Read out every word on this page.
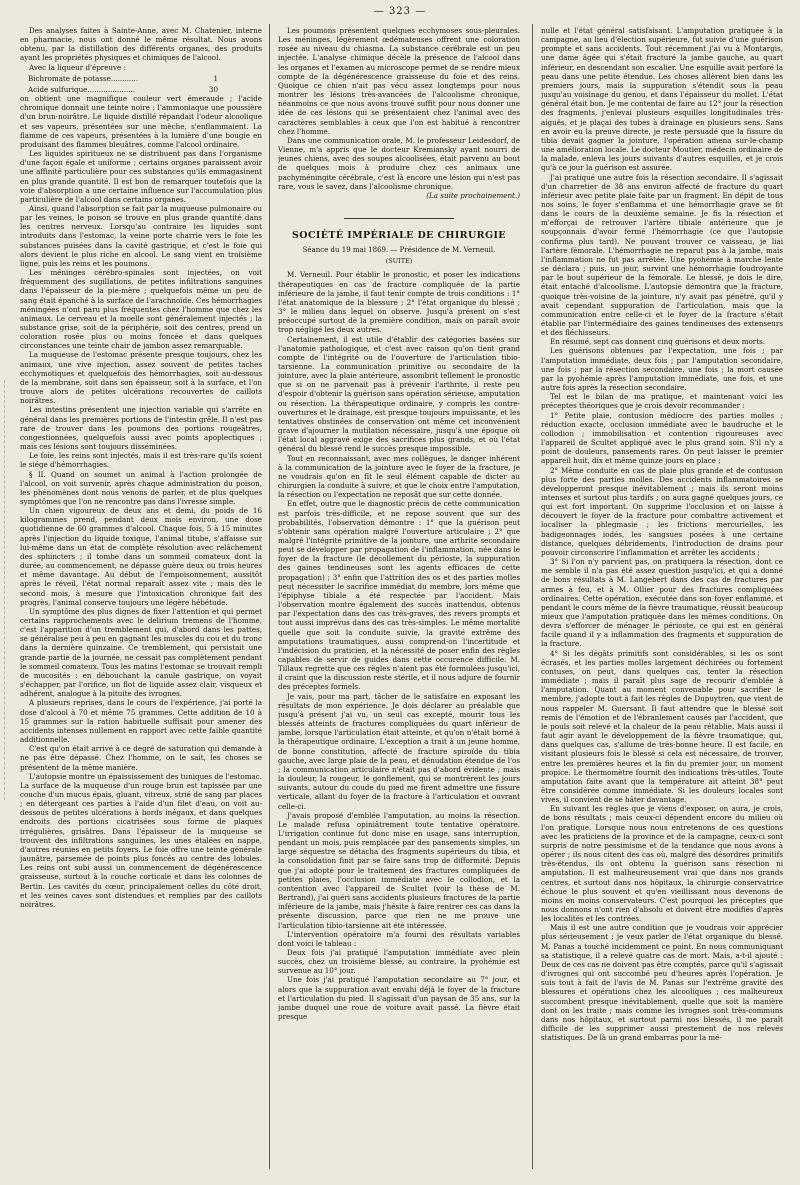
— 323 —

Des analyses faites à Sainte-Anne, avec M. Chatenier, interne en pharmacie, nous ont donné le même résultat. Nous avons obtenu, par la distillation des différents organes, des produits ayant les propriétés physiques et chimiques de l'alcool.

Avec la liqueur d'épreuve :

Bichromate de potasse............	1
Acide sulfurique.....................	30

on obtient une magnifique couleur vert émeraude ; l'acide chromique donnait une teinte noire ; l'ammoniaque une poussière d'un brun-noirâtre. Le liquide distillé répandait l'odeur alcoolique et ses vapeurs, présentées sur une mèche, s'enflammaient. La flamme de ces vapeurs, présentées à la lumière d'une bougie en produisant des flammes bleuâtres, comme l'alcool ordinaire.

Les liquides spiritueux ne se distribuent pas dans l'organisme d'une façon égale et uniforme ; certains organes paraissent avoir une affinité particulière pour ces substances qu'ils emmagasinent en plus grande quantité. Il est bon de remarquer toutefois que la voie d'absorption a une certaine influence sur l'accumulation plus particulière de l'alcool dans certains organes.

Ainsi, quand l'absorption se fait par la muqueuse pulmonaire ou par les veines, le poison se trouve en plus grande quantité dans les centres nerveux. Lorsqu'au contraire les liquides sont introduits dans l'estomac, la veine porte charrie vers le foie les substances puisées dans la cavité gastrique, et c'est le foie qui alors devient le plus riche en alcool. Le sang vient en troisième ligne, puis les reins et les poumons.

Les méninges cérébro-spinales sont injectées, on voit fréquemment des sugillations, de petites infiltrations sanguines dans l'épaisseur de la pie-mère ; quelquefois même un peu de sang était épanché à la surface de l'arachnoïde. Ces hémorrhagies méningées n'ont paru plus fréquentes chez l'homme que chez les animaux. Le cerveau et la moelle sont généralement injectés ; la substance grise, soit de la périphérie, soit des centres, prend un coloration rosée plus ou moins foncée et dans quelques circonstances une teinte chair de jambon assez remarquable.

La muqueuse de l'estomac présente presque toujours, chez les animaux, une vive injection, assez souvent de petites taches ecchymotiques et quelquefois des hémorrhagies, soit au-dessous de la membrane, soit dans son épaisseur, soit à la surface, et l'on trouve alors de petites ulcérations recouvertes de caillots noirâtres.

Les intestins présentent une injection variable qui s'arrête en général dans les premières portions de l'intestin grêle. Il n'est pas rare de trouver dans les poumons des portions rougeâtres, congestionnées, quelquefois aussi avec points apoplectiques ; mais ces lésions sont toujours disséminées.

Le foie, les reins sont injectés, mais il est très-rare qu'ils soient le siége d'hémorrhagies.

§ II. Quand on soumet un animal à l'action prolongée de l'alcool, on voit survenir, après chaque administration du poison, les phénomènes dont nous venons de parler, et de plus quelques symptômes que l'on ne rencontre pas dans l'ivresse simple.

Un chien vigoureux de deux ans et demi, du poids de 16 kilogrammes prend, pendant deux mois environ, une dose quotidienne de 60 grammes d'alcool. Chaque fois, 5 à 15 minutes après l'injection du liquide toxique, l'animal titube, s'affaisse sur lui-même dans un état de complète résolution avec relâchement des sphincters ; il tombe dans un sommeil comateux dont la durée, au commencement, ne dépasse guère deux ou trois heures et même davantage. Au début de l'empoisonnement, aussitôt après le réveil, l'état normal reparaît assez vite ; mais dès le second mois, à mesure que l'intoxication chronique fait des progrès, l'animal conserve toujours une légère hébétude.

Un symptôme des plus dignes de fixer l'attention et qui permet certains rapprochements avec le delirium tremens de l'homme, c'est l'apparition d'un tremblement qui, d'abord dans les pattes, se généralise peu à peu en gagnant les muscles du cou et du tronc dans la dernière quinzaine. Ce tremblement, qui persistait une grande partie de la journée, ne cessait pas complètement pendant le sommeil comateux. Tous les matins l'estomac se trouvait rempli de mucosités : en débouchant la canule gastrique, on voyait s'échapper, par l'orifice, un flot de liquide assez clair, visqueux et adhérent, analogue à la pituite des ivrognes.

A plusieurs reprises, dans le cours de l'expérience, j'ai porté la dose d'alcool à 70 et même 75 grammes. Cette addition de 10 à 15 grammes sur la ration habituelle suffisait pour amener des accidents intenses nullement en rapport avec cette faible quantité additionnelle.

C'est qu'on était arrivé à ce degré de saturation qui demande à ne pas être dépassé. Chez l'homme, on le sait, les choses se présentent de la même manière.

L'autopsie montre un épaississement des tuniques de l'estomac. La surface de la muqueuse d'un rouge brun est tapissée par une couche d'un mucus épais, gluant, vitreux, strié de sang par places ; en détergeant ces parties à l'aide d'un filet d'eau, on voit au-dessous de petites ulcérations à bords inégaux, et dans quelques endroits des portions cicatrisées sous forme de plaques irrégulières, grisâtres. Dans l'épaisseur de la muqueuse se trouvent des infiltrations sanguines, les unes étalées en nappe, d'autres réunies en petits foyers. Le foie offre une teinte générale jaunâtre, parsemée de points plus foncés au centre des lobules. Les reins ont subi aussi un commencement de dégénérescence graisseuse, surtout à la couche corticale et dans les colonnes de Bertin. Les cavités du cœur, principalement celles du côté droit, et les veines caves sont distendues et remplies par des caillots noirâtres.

Les poumons présentent quelques ecchymoses sous-pleurales. Les méninges, légèrement œdémateuses offrent une coloration rosée au niveau du chiasma. La substance cérébrale est un peu injectée. L'analyse chimique décèle la présence de l'alcool dans les organes et l'examen au microscope permet de se rendre mieux compte de la dégénérescence graisseuse du foie et des reins. Quoique ce chien n'ait pas vécu assez longtemps pour nous montrer les lésions très-avancées de l'alcoolisme chronique, néanmoins ce que nous avons trouvé suffit pour nous donner une idée de ces lésions qui se présentaient chez l'animal avec des caractères semblables à ceux que l'on est habitué à rencontrer chez l'homme.

Dans une communication orale, M. le professeur Leidesdorf, de Vienne, m'a appris que le docteur Kremiansky ayant nourri de jeunes chiens, avec des soupes alcoolisées, était parvenu au bout de quelques mois à produire chez ces animaux une pachyméningite cérébrale, c'est là encore une lésion qui n'est pas rare, vous le savez, dans l'alcoolisme chronique.

(La suite prochainement.)

SOCIÉTÉ IMPÉRIALE DE CHIRURGIE
Séance du 19 mai 1869. — Présidence de M. Verneuil.
(SUITE)

M. Verneuil. Pour établir le pronostic, et poser les indications thérapeutiques en cas de fracture compliquée de la partie inférieure de la jambe, il faut tenir compte de trois conditions : 1° l'état anatomique de la blessure ; 2° l'état organique du blessé ; 3° le milieu dans lequel on observe. Jusqu'à présent on s'est préoccupé surtout de la première condition, mais on paraît avoir trop négligé les deux autres.

Certainement, il est utile d'établir des catégories basées sur l'anatomie pathologique, et c'est avec raison qu'on tient grand compte de l'intégrité ou de l'ouverture de l'articulation tibio-tarsienne. La communication primitive ou secondaire de la jointure, avec la plaie antérieure, assombrit tellement le pronostic que si on ne parvenait pas à prévenir l'arthrite, il reste peu d'espoir d'obtenir la guérison sans opération sérieuse, amputation ou résection. La thérapeutique ordinaire, y compris les contre-ouvertures et le drainage, est presque toujours impuissante, et les tentatives obstinées de conservation ont même cet inconvénient grave d'ajourner la mutilation nécessaire, jusqu'à une époque où l'état local aggravé exige des sacrifices plus grands, et où l'état général du blessé rend le succès presque impossible.

Tout en reconnaissant, avec mes collègues, le danger inhérent à la communication de la jointure avec le foyer de la fracture, je ne voudrais qu'on en fît le seul élément capable de dicter au chirurgien la conduite à suivre, et que le choix entre l'amputation, la résection ou l'expectation ne reposât que sur cette donnée.

En effet, outre que le diagnostic précis de cette communication est parfois très-difficile, et ne repose souvent que sur des probabilités, l'observation démontre : 1° que la guérison peut s'obtenir sans opération malgré l'ouverture articulaire ; 2° que malgré l'intégrité primitive de la jointure, une arthrite secondaire peut se développer par propagation de l'inflammation, née dans le foyer de la fracture (le décollement du périoste, la suppuration des gaines tendineuses sont les agents efficaces de cette propagation) ; 3° enfin que l'attrition des os et des parties molles peut nécessiter le sacrifice immédiat du membre, lors même que l'épiphyse tibiale a été respectée par l'accident. Mais l'observation montre également des succès inattendus, obtenus par l'expectation dans des cas très-graves, des revers prompts et tout aussi imprévus dans des cas très-simples. Le même mortalité quelle que soit la conduite suivie, la gravité extrême des amputations traumatiques, aussi comprend-on l'incertitude et l'indécision du praticien, et la nécessité de poser enfin des règles capables de servir de guides dans cette occurence difficile. M. Tillaux regrette que ces règles n'aient pas été formulées jusqu'ici, il craint que la discussion reste stérile, et il nous adjure de fournir des préceptes formels.

Je vais, pour ma part, tâcher de le satisfaire en exposant les résultats de mon expérience. Je dois déclarer au préalable que jusqu'à présent j'ai vu, un seul cas excepté, mourir tous les blessés atteints de fractures compliquées du quart inférieur de jambe, lorsque l'articulation était atteinte, et qu'on n'était borné à la thérapeutique ordinaire. L'exception a trait à un jeune homme, de bonne constitution, affecté de fracture spiroïde du tibia gauche, avec large plaie de la peau, et dénudation étendue de l'os ; la communication articulaire n'était pas d'abord évidente ; mais la douleur, la rougeur, le gonflement, qui se montrèrent les jours suivants, autour du coude du pied me firent admettre une fissure verticale, allant du foyer de la fracture à l'articulation et ouvrant celle-ci.

J'avais proposé d'emblée l'amputation, au moins la résection. Le malade refusa opiniâtrement toute tentative opératoire. L'irrigation continue fut donc mise en usage, sans interruption, pendant un mois, puis remplacée par des pansements simples, un large séquestre se détacha des fragments supérieurs du tibia, et la consolidation finit par se faire sans trop de difformité. Depuis que j'ai adopté pour le traitement des fractures compliquées de petites plaies, l'occlusion immédiate avec le collodion, et la contention avec l'appareil de Scultet (voir la thèse de M. Bertrand), j'ai guéri sans accidents plusieurs fractures de la partie inférieure de la jambe, mais j'hésite à faire rentrer ces cas dans la présente discussion, parce que rien ne me prouve une l'articulation tibio-tarsienne ait été intéressée.

L'intervention opératoire m'a fourni des résultats variables dont voici le tableau :

Deux fois j'ai pratiqué l'amputation immédiate avec plein succès, chez un troisième blessé, au contraire, la pyohémie est survenue au 10° jour.

Une fois j'ai pratiqué l'amputation secondaire au 7° jour, et alors que la suppuration avait envahi déjà le foyer de la fracture et l'articulation du pied. Il s'agissait d'un paysan de 35 ans, sur la jambe duquel une roue de voiture avait passé. La fièvre était presque

nulle et l'état général satisfaisant. L'amputation pratiquée à la campagne, au lieu d'élection supérieure, fut suivie d'une guérison prompte et sans accidents. Tout récemment j'ai vu à Montargis, une dame âgée qui s'était fracturé la jambe gauche, au quart inférieur, en descendant son escalier. Une esquille avait perforé la peau dans une petite étendue. Les choses allèrent bien dans les premiers jours, mais la suppuration s'étendit sous la peau jusqu'au voisinage du genou, et dans l'épaisseur du mollet. L'état général était bon. Je me contentai de faire au 12° jour la résection des fragments, j'enlevai plusieurs esquilles longitudinales très-aiguës, et je plaçai des tubes à drainage en plusieurs sens. Sans en avoir eu la preuve directe, je reste persuadé que la fissure du tibia devait gagner la jointure, l'opération amena sur-le-champ une amélioration locale. Le docteur Moutier, médecin ordinaire de la malade, enleva les jours suivants d'autres esquilles, et je crois qu'à ce jour la guérison est assurée.

J'ai pratiqué une autre fois la résection secondaire. Il s'agissait d'un charretier de 38 ans environ affecté de fracture du quart inférieur avec petite plaie faite par un fragment. En dépit de tous nos soins, le foyer s'enflamma et une hémorrhagie grave se fit dans le cours de la deuxième semaine. Je fis la résection et m'efforçai de retrouver l'artère tibiale antérieure que je soupçonnais d'avoir fermé l'hémorrhagie (ce que l'autopsie confirma plus tard). Ne pouvant trouver ce vaisseau, je liai l'artère fémorale. L'hémorrhagie ne reparut pas à la jambe, mais l'inflammation ne fut pas arrêtée. Une pyohémie à marche lente se déclara ; puis, un jour, survint une hémorrhagie foudroyante par le bout supérieur de la fémorale. Le blessé, je dois le dire, était entaché d'alcoolisme. L'autopsie démontra que la fracture, quoique très-voisine de la jointure, n'y avait pas pénétré, qu'il y avait cependant suppuration de l'articulation, mais que la communication entre celle-ci et le foyer de la fracture s'était établie par l'intermédiaire des gaines tendineuses des extenseurs et des fléchisseurs.

En résumé, sept cas donnent cinq guérisons et deux morts.

Les guérisons obtenues par l'expectation, une fois ; par l'amputation immédiate, deux fois ; par l'amputation secondaire, une fois ; par la résection secondaire, une fois ; la mort causée par la pyohémie après l'amputation immédiate, une fois, et une autre fois après la résection secondaire.

Tel est le bilan de ma pratique, et maintenant voici les préceptes théoriques que je crois devoir recommander :

1° Petite plaie, contusion médiocre des parties molles ; réduction exacte, occlusion immédiate avec le baudruche et le collodion ; immobilisation et contention rigoureuses avec l'appareil de Scultet appliqué avec le plus grand soin. S'il n'y a point de douleurs, pansements rares. On peut laisser le premier appareil huit, dix et même quinze jours en place ;

2° Même conduite en cas de plaie plus grande et de contusion plus forte des parties molles. Des accidents inflammatoires se développeront presque inévitablement ; mais ils seront moins intenses et surtout plus tardifs ; on aura gagné quelques jours, ce qui est fort important. On supprime l'occlusion et on laisse à découvert le foyer de la fracture pour combattre activement et localiser la phlegmasie ; les frictions mercurielles, les badigeonnages iodés, les sangsues posées à une certaine distance, quelques débridements, l'introduction de drains pour pouvoir circonscrire l'inflammation et arrêter les accidents ;

3° Si l'on n'y parvient pas, on pratiquera la résection, dont ce me semble il n'a pas été assez question jusqu'ici, et qui a donné de bons résultats à M. Langebert dans des cas de fractures par armes à feu, et à M. Ollier pour des fractures compliquées ordinaires. Cette opération, exécutée dans son foyer enflammé, et pendant le cours même de la fièvre traumatique, réussit beaucoup mieux que l'amputation pratiquée dans les mêmes conditions. On devra s'efforcer de ménager le périoste, ce qui est en général facile quand il y a inflammation des fragments et suppuration de la fracture.

4° Si les dégâts primitifs sont considérables, si les os sont écrasés, et les parties molles largement déchirées ou fortement contuses, on peut, dans quelques cas, tenter la résection immédiate ; mais il paraît plus sage de recourir d'emblée à l'amputation. Quant au moment convenable pour sacrifier le membre, j'adopte tout à fait les règles de Dupuytren, que vient de nous rappeler M. Guersant. Il faut attendre que le blessé soit remis de l'émotion et de l'ébranlement causés par l'accident, que le pouls soit relevé et la chaleur de la peau rétablie. Mais aussi il faut agir avant le développement de la fièvre traumatique, qui, dans quelques cas, s'allume de très-bonne heure. Il est facile, en visitant plusieurs fois le blessé si cela est nécessaire, de trouver, entre les premières heures et la fin du premier jour, un moment propice. Le thermomètre fournit des indications très-utiles. Toute amputation faite avant que la température ait atteint 38° peut être considérée comme immédiate. Si les douleurs locales sont vives, il convient de se hâter davantage.

En suivant les règles que je viens d'exposer, on aura, je crois, de bons résultats ; mais ceux-ci dépendent encore du milieu où l'on pratique. Lorsque nous nous entretenons de ces questions avec les praticiens de la province et de la campagne, ceux-ci sont surpris de notre pessimisme et de la tendance que nous avons à opérer ; ils nous citent des cas où, malgré des désordres primitifs très-étendus, ils ont obtenu la guérison sans résection ni amputation. Il est malheureusement vrai que dans nos grands centres, et surtout dans nos hôpitaux, la chirurgie conservatrice échoue le plus souvent et qu'en vieillissant nous devenons de moins en moins conservateurs. C'est pourquoi les préceptes que nous donnons n'ont rien d'absolu et doivent être modifiés d'après les localités et les contrées.

Mais il est une autre condition que je voudrais voir apprécier plus sérieusement ; je veux parler de l'état organique du blessé. M. Panas a touché incidemment ce point. En nous communiquant sa statistique, il a relevé quatre cas de mort. Mais, a-t-il ajouté : Deux de ces cas ne doivent pas être comptés, parce qu'il s'agissait d'ivrognes qui ont succombé peu d'heures après l'opération. Je suis tout à fait de l'avis de M. Panas sur l'extrême gravité des blessures et opérations chez les alcooliques ; ces malheureux succombent presque inévitablement, quelle que soit la manière dont on les traite ; mais comme les ivrognes sont très-communs dans nos hôpitaux, et surtout parmi nos blessés, il me paraît difficile de les supprimer aussi prestement de nos relevés statistiques. De là un grand embarras pour la mé-
